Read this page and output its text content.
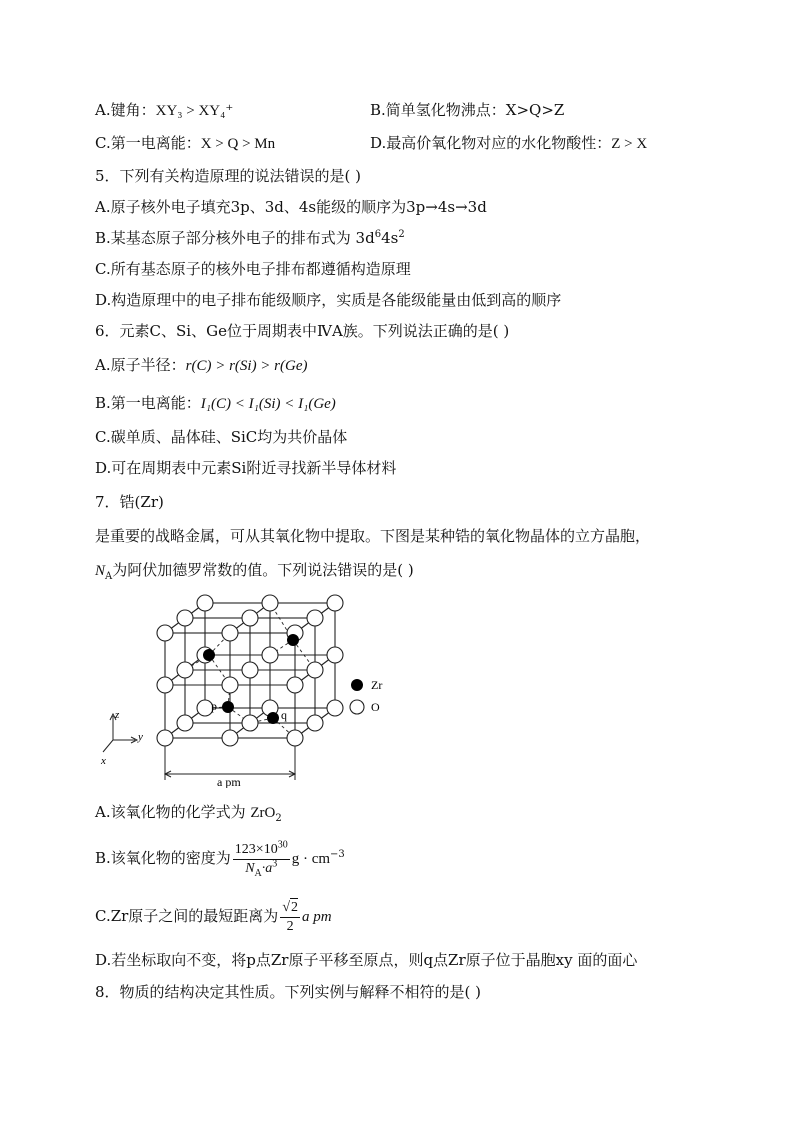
A.键角：XY₃ > XY₄⁺	B.简单氢化物沸点：X>Q>Z
C.第一电离能：X > Q > Mn	D.最高价氧化物对应的水化物酸性：Z > X
5．下列有关构造原理的说法错误的是( )
A.原子核外电子填充3p、3d、4s能级的顺序为3p→4s→3d
B.某基态原子部分核外电子的排布式为 $3d^64s^2$
C.所有基态原子的核外电子排布都遵循构造原理
D.构造原理中的电子排布能级顺序，实质是各能级能量由低到高的顺序
6．元素C、Si、Ge位于周期表中ⅣA族。下列说法正确的是( )
A.原子半径：r(C) > r(Si) > r(Ge)
B.第一电离能：I₁(C) < I₁(Si) < I₁(Ge)
C.碳单质、晶体硅、SiC均为共价晶体
D.可在周期表中元素Si附近寻找新半导体材料
7．锆(Zr)
是重要的战略金属，可从其氧化物中提取。下图是某种锆的氧化物晶体的立方晶胞，
$N_A$为阿伏加德罗常数的值。下列说法错误的是( )
p
q
z
y
x
a pm
Zr
O
A.该氧化物的化学式为 ZrO$_2$
B.该氧化物的密度为 $\frac{123\times 10^{30}}{N_A\cdot a^3}$ $g \cdot cm^{-3}$
C.Zr原子之间的最短距离为 $\frac{√2}{2}$ a pm
D.若坐标取向不变，将p点Zr原子平移至原点，则q点Zr原子位于晶胞xy 面的面心
8．物质的结构决定其性质。下列实例与解释不相符的是( )
